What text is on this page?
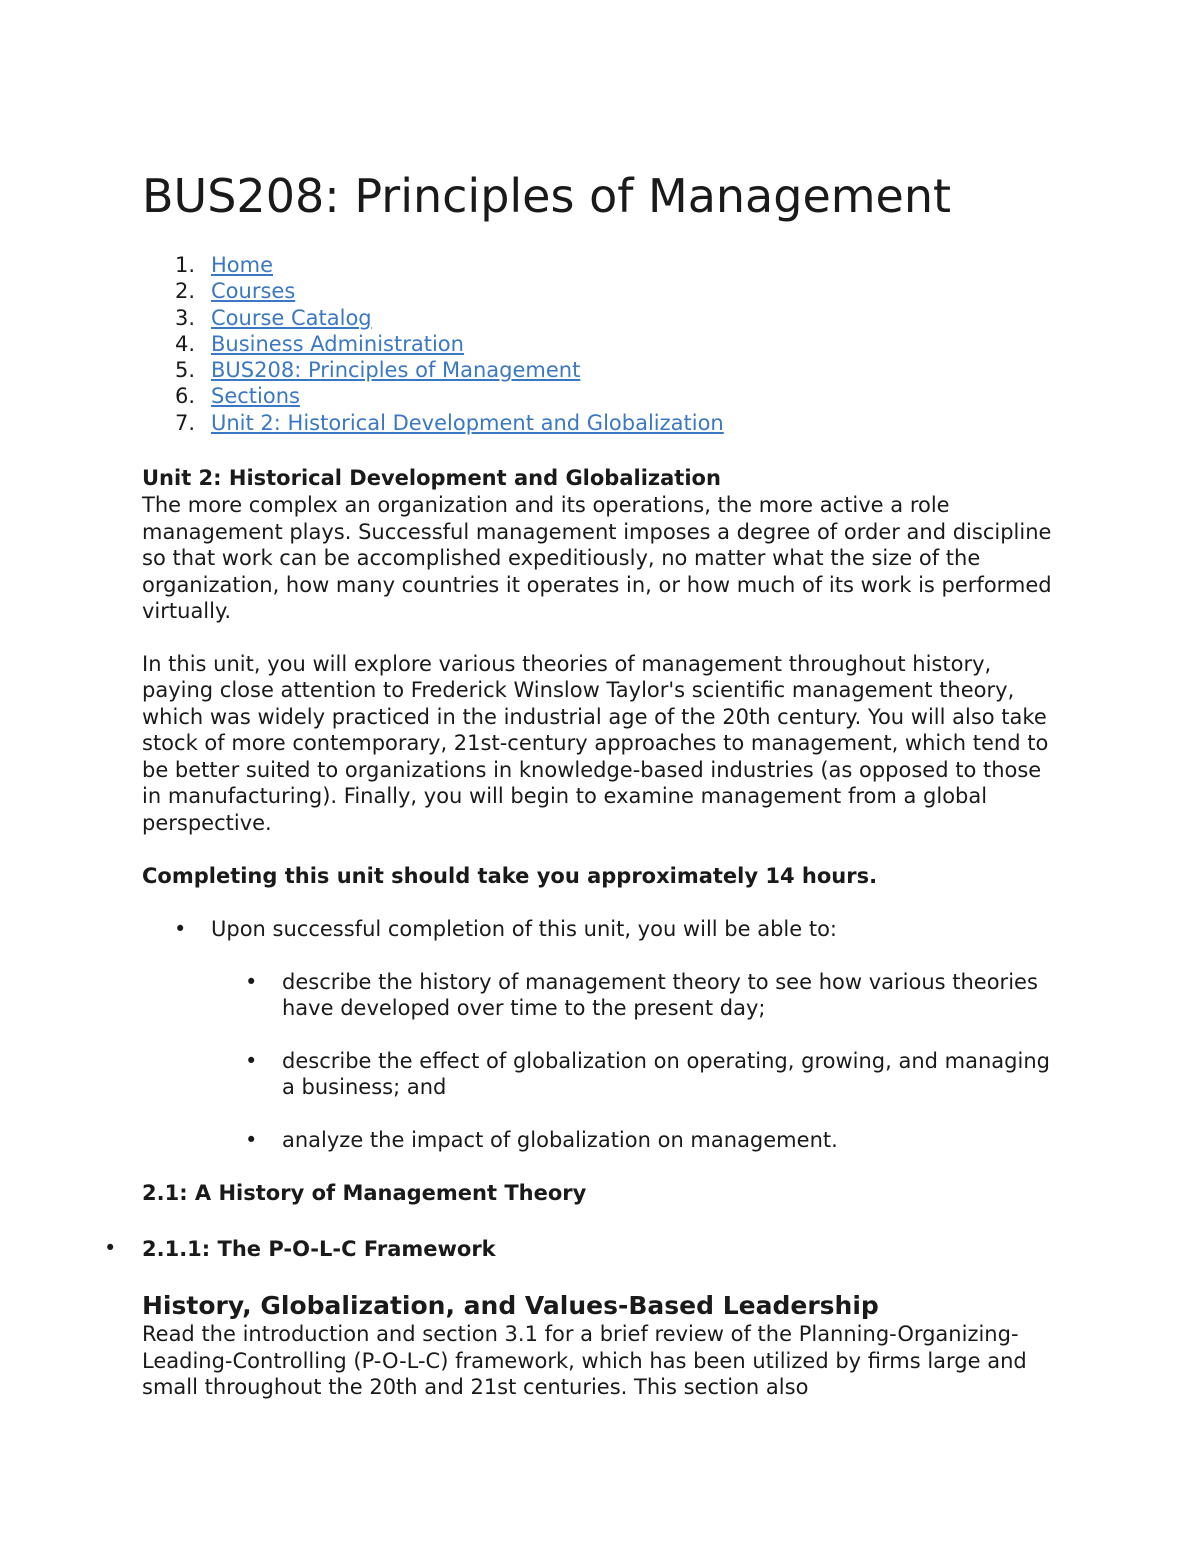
BUS208: Principles of Management
1. Home
2. Courses
3. Course Catalog
4. Business Administration
5. BUS208: Principles of Management
6. Sections
7. Unit 2: Historical Development and Globalization
Unit 2: Historical Development and Globalization

The more complex an organization and its operations, the more active a role management plays. Successful management imposes a degree of order and discipline so that work can be accomplished expeditiously, no matter what the size of the organization, how many countries it operates in, or how much of its work is performed virtually.

In this unit, you will explore various theories of management throughout history, paying close attention to Frederick Winslow Taylor's scientific management theory, which was widely practiced in the industrial age of the 20th century. You will also take stock of more contemporary, 21st-century approaches to management, which tend to be better suited to organizations in knowledge-based industries (as opposed to those in manufacturing). Finally, you will begin to examine management from a global perspective.

Completing this unit should take you approximately 14 hours.
• Upon successful completion of this unit, you will be able to:
• describe the history of management theory to see how various theories have developed over time to the present day;
• describe the effect of globalization on operating, growing, and managing a business; and
• analyze the impact of globalization on management.
2.1: A History of Management Theory
• 2.1.1: The P-O-L-C Framework
History, Globalization, and Values-Based Leadership

Read the introduction and section 3.1 for a brief review of the Planning-Organizing-Leading-Controlling (P-O-L-C) framework, which has been utilized by firms large and small throughout the 20th and 21st centuries. This section also
